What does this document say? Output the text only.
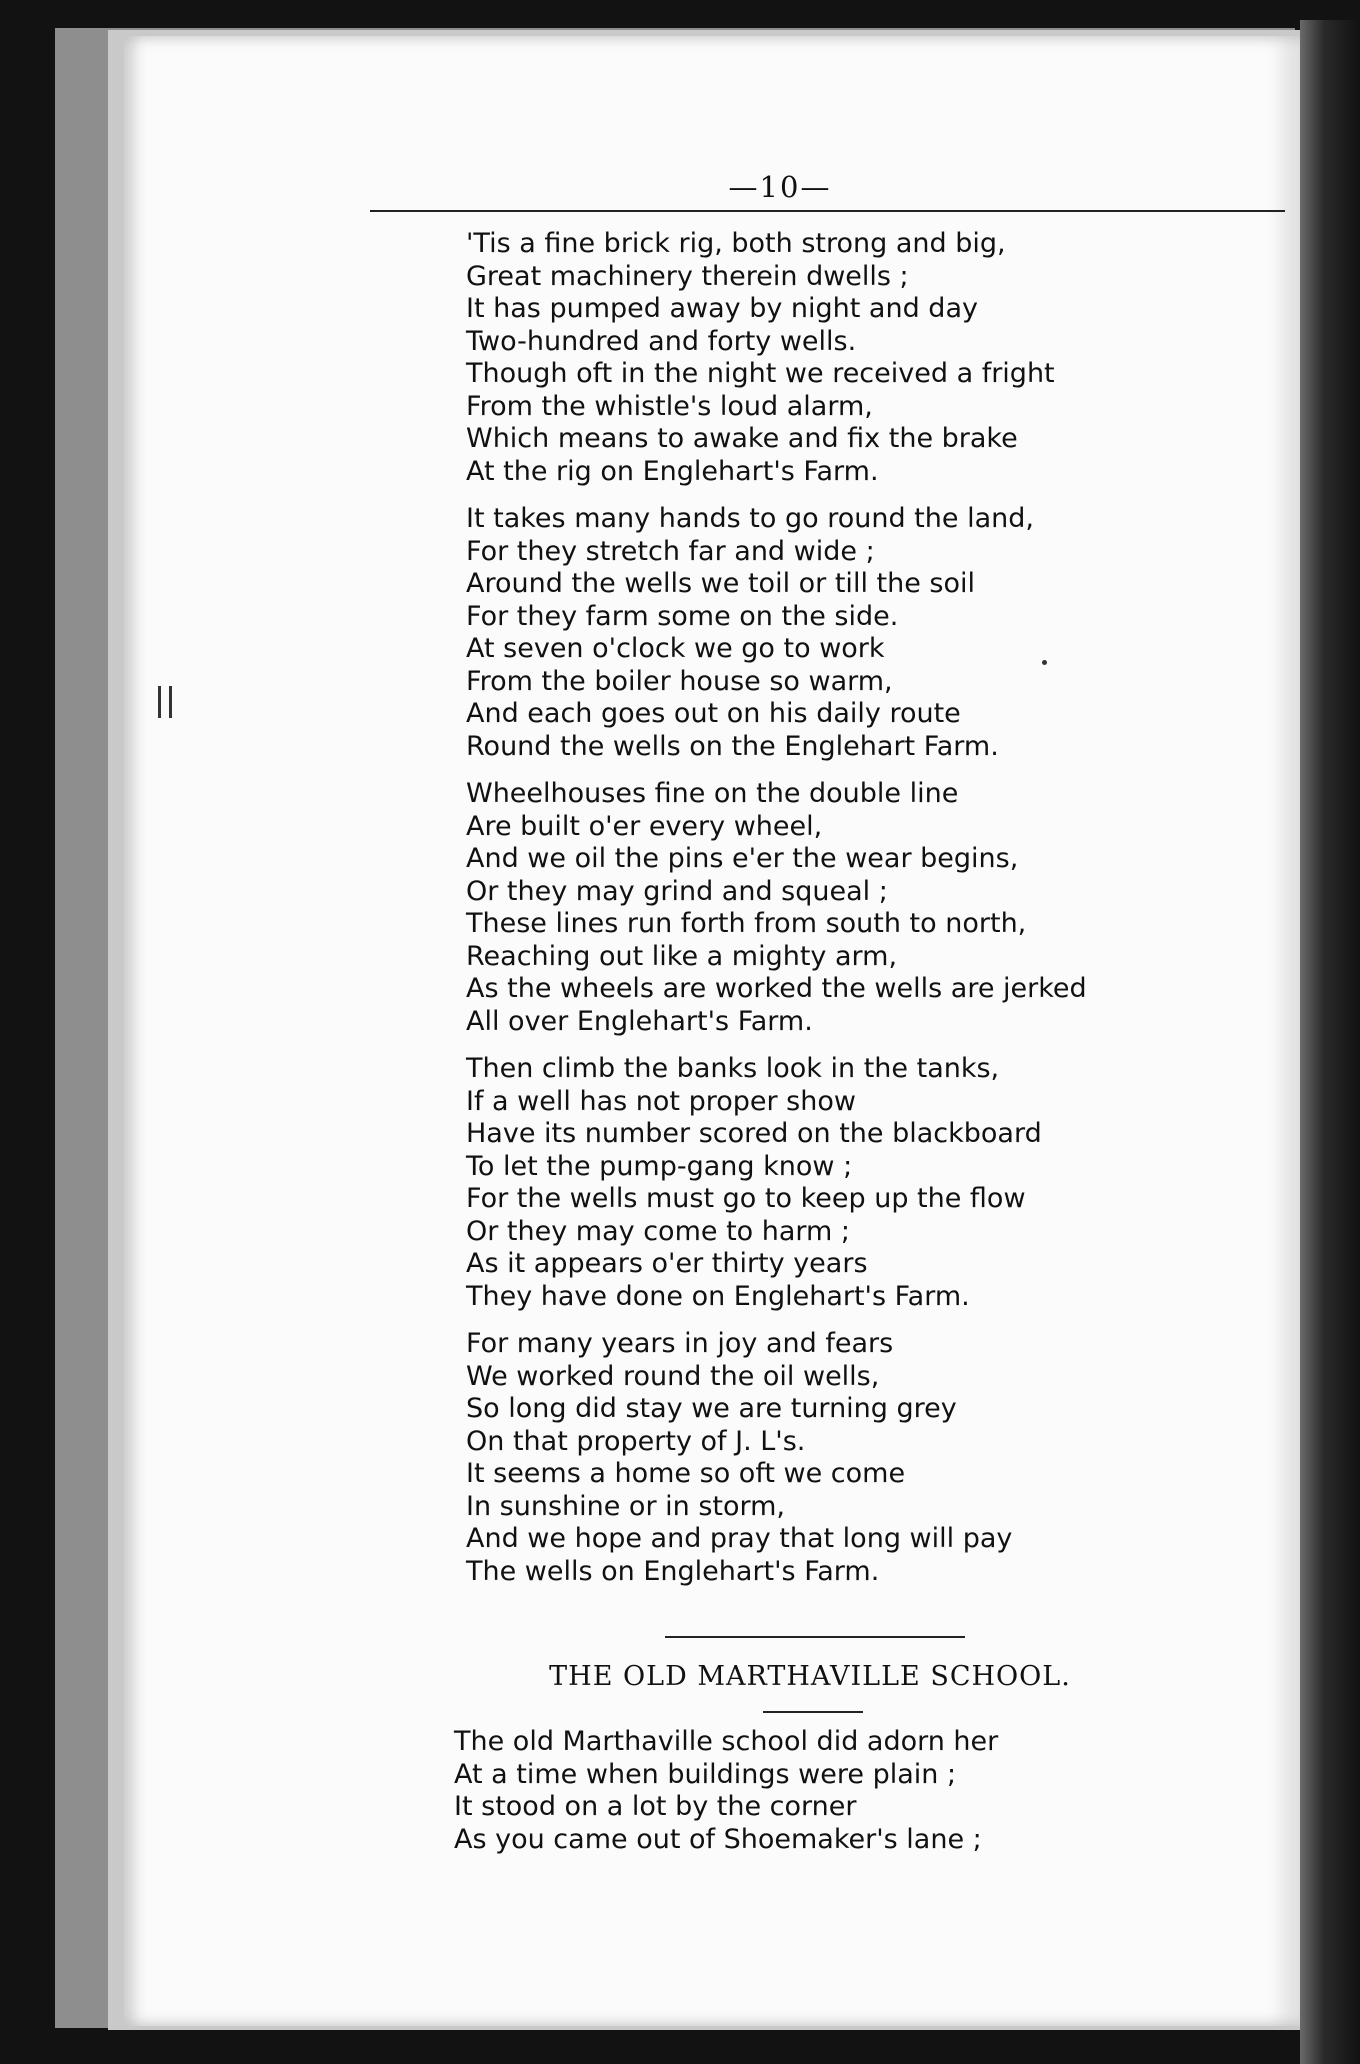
—10—
'Tis a fine brick rig, both strong and big,
Great machinery therein dwells ;
It has pumped away by night and day
Two-hundred and forty wells.
Though oft in the night we received a fright
From the whistle's loud alarm,
Which means to awake and fix the brake
At the rig on Englehart's Farm.
It takes many hands to go round the land,
For they stretch far and wide ;
Around the wells we toil or till the soil
For they farm some on the side.
At seven o'clock we go to work
From the boiler house so warm,
And each goes out on his daily route
Round the wells on the Englehart Farm.
Wheelhouses fine on the double line
Are built o'er every wheel,
And we oil the pins e'er the wear begins,
Or they may grind and squeal ;
These lines run forth from south to north,
Reaching out like a mighty arm,
As the wheels are worked the wells are jerked
All over Englehart's Farm.
Then climb the banks look in the tanks,
If a well has not proper show
Have its number scored on the blackboard
To let the pump-gang know ;
For the wells must go to keep up the flow
Or they may come to harm ;
As it appears o'er thirty years
They have done on Englehart's Farm.
For many years in joy and fears
We worked round the oil wells,
So long did stay we are turning grey
On that property of J. L's.
It seems a home so oft we come
In sunshine or in storm,
And we hope and pray that long will pay
The wells on Englehart's Farm.
THE OLD MARTHAVILLE SCHOOL.
The old Marthaville school did adorn her
At a time when buildings were plain ;
It stood on a lot by the corner
As you came out of Shoemaker's lane ;
